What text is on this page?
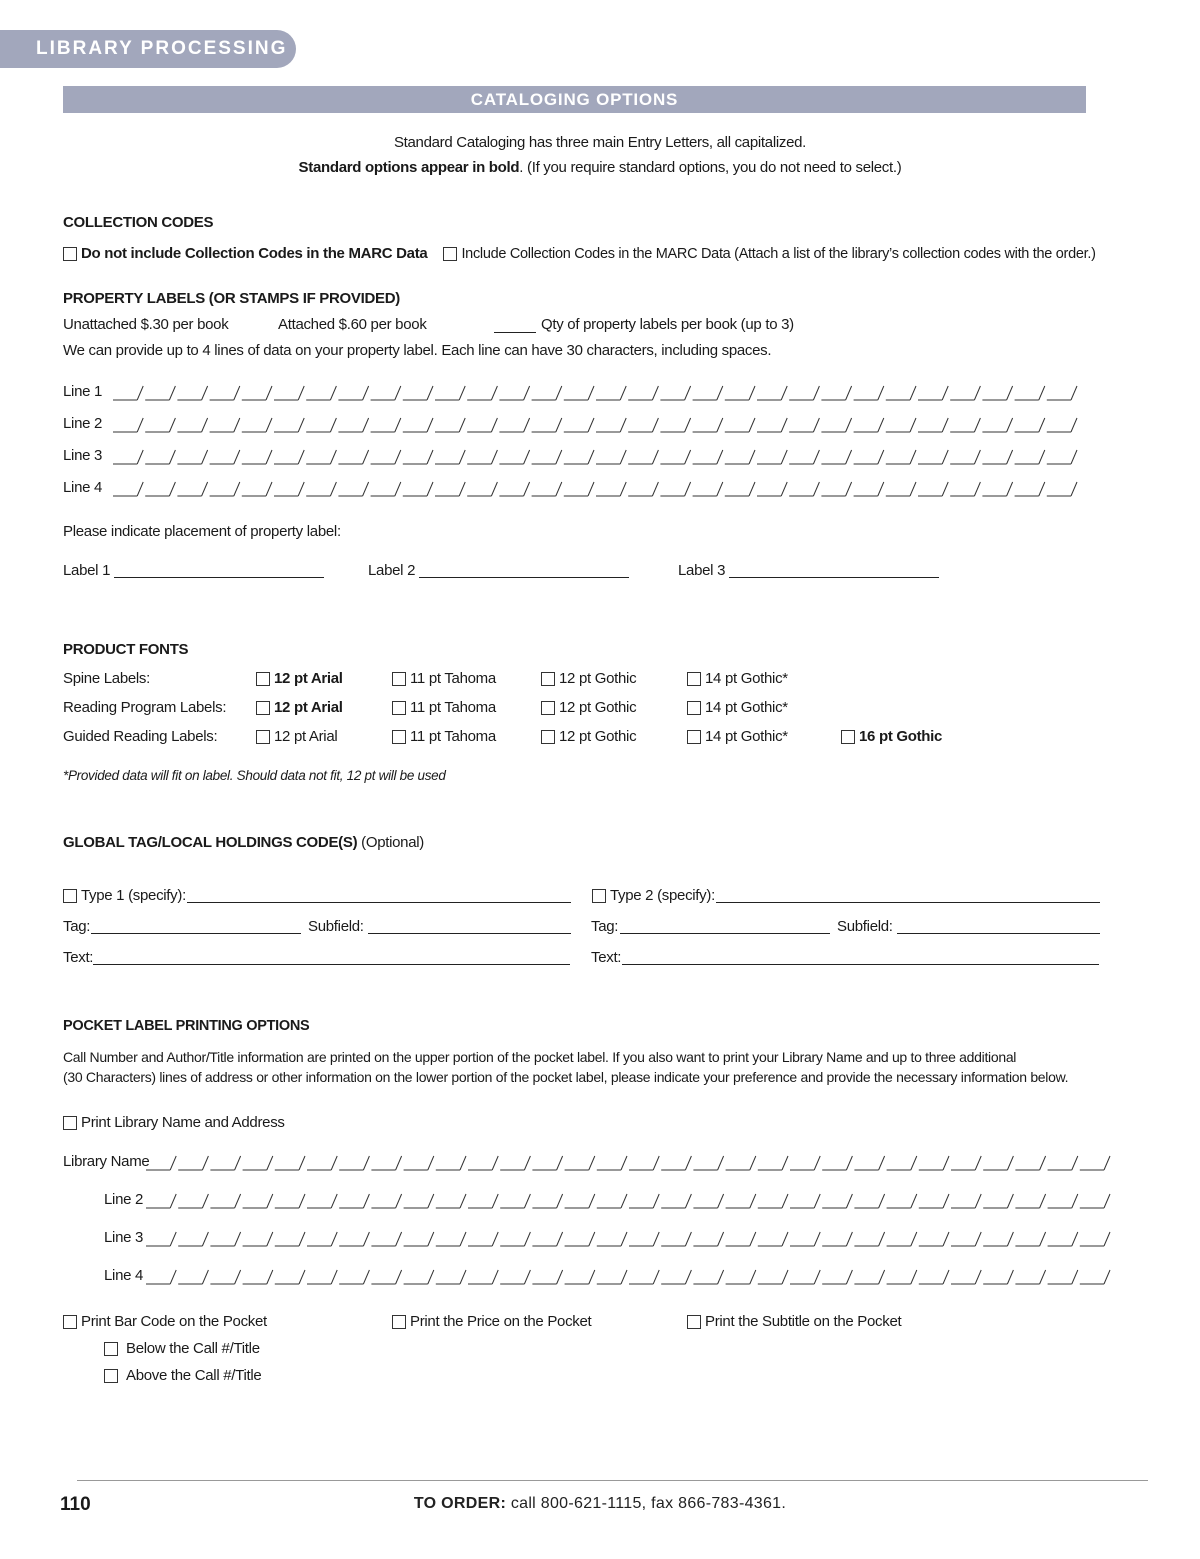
LIBRARY PROCESSING
CATALOGING OPTIONS
Standard Cataloging has three main Entry Letters, all capitalized.
Standard options appear in bold. (If you require standard options, you do not need to select.)
COLLECTION CODES
Do not include Collection Codes in the MARC Data Include Collection Codes in the MARC Data (Attach a list of the library’s collection codes with the order.)
PROPERTY LABELS (OR STAMPS IF PROVIDED)
Unattached $.30 per book	Attached $.60 per book	Qty of property labels per book (up to 3)
We can provide up to 4 lines of data on your property label. Each line can have 30 characters, including spaces.
Line 1
Line 2
Line 3
Line 4
Please indicate placement of property label:
Label 1	Label 2	Label 3
PRODUCT FONTS
Spine Labels:	12 pt Arial	11 pt Tahoma	12 pt Gothic	14 pt Gothic*
Reading Program Labels:	12 pt Arial	11 pt Tahoma	12 pt Gothic	14 pt Gothic*
Guided Reading Labels:	12 pt Arial	11 pt Tahoma	12 pt Gothic	14 pt Gothic*	16 pt Gothic
*Provided data will fit on label. Should data not fit, 12 pt will be used
GLOBAL TAG/LOCAL HOLDINGS CODE(S) (Optional)
Type 1 (specify):
Tag:	Subfield:
Text:
Type 2 (specify):
Tag:	Subfield:
Text:
POCKET LABEL PRINTING OPTIONS
Call Number and Author/Title information are printed on the upper portion of the pocket label. If you also want to print your Library Name and up to three additional
(30 Characters) lines of address or other information on the lower portion of the pocket label, please indicate your preference and provide the necessary information below.
Print Library Name and Address
Library Name
Line 2
Line 3
Line 4
Print Bar Code on the Pocket
Below the Call #/Title
Above the Call #/Title
Print the Price on the Pocket	Print the Subtitle on the Pocket
110	TO ORDER: call 800-621-1115, fax 866-783-4361.
